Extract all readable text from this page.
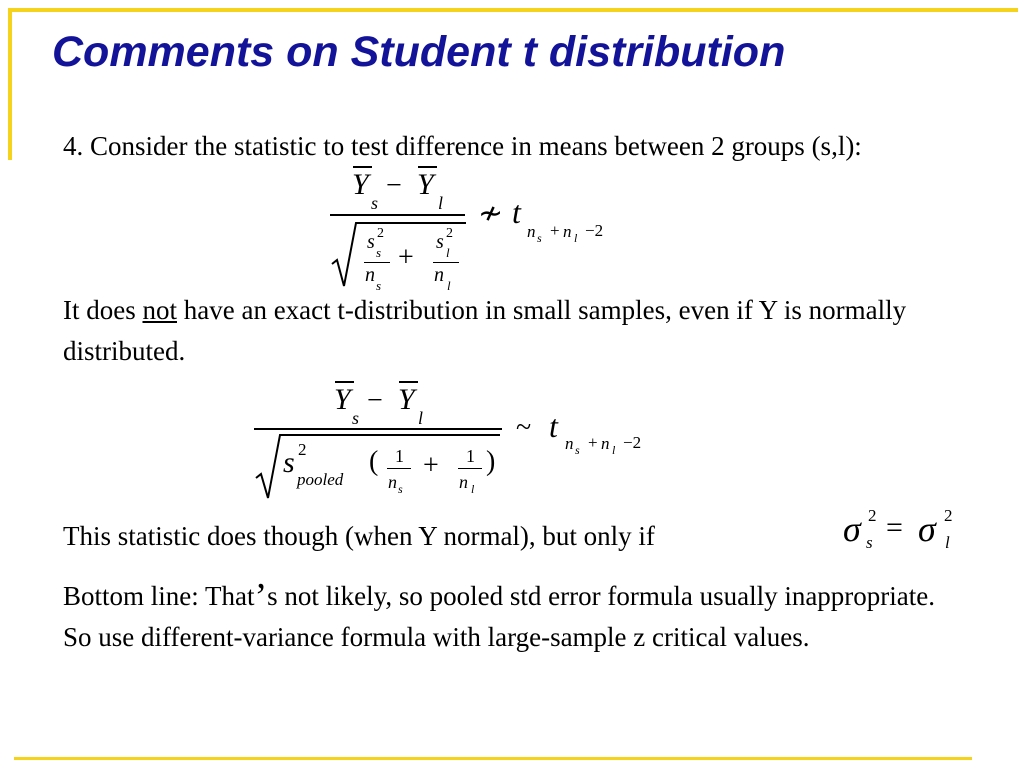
Comments on Student t distribution
4. Consider the statistic to test difference in means between 2 groups (s,l):
Y
s
− Y
l
s s
2
n s
+ s l
2
n l
≁ t
n s + n l −2
It does not have an exact t-distribution in small samples, even if Y is normally distributed.
Y
s
− Y
l
s 2
pooled
( 1
n s
+ 1
n l
)
~ t n s + n l −2
This statistic does though (when Y normal), but only if	σ 2
s = σ 2
l
Bottom line: That’s not likely, so pooled std error formula usually inappropriate. So use different-variance formula with large-sample z critical values.
